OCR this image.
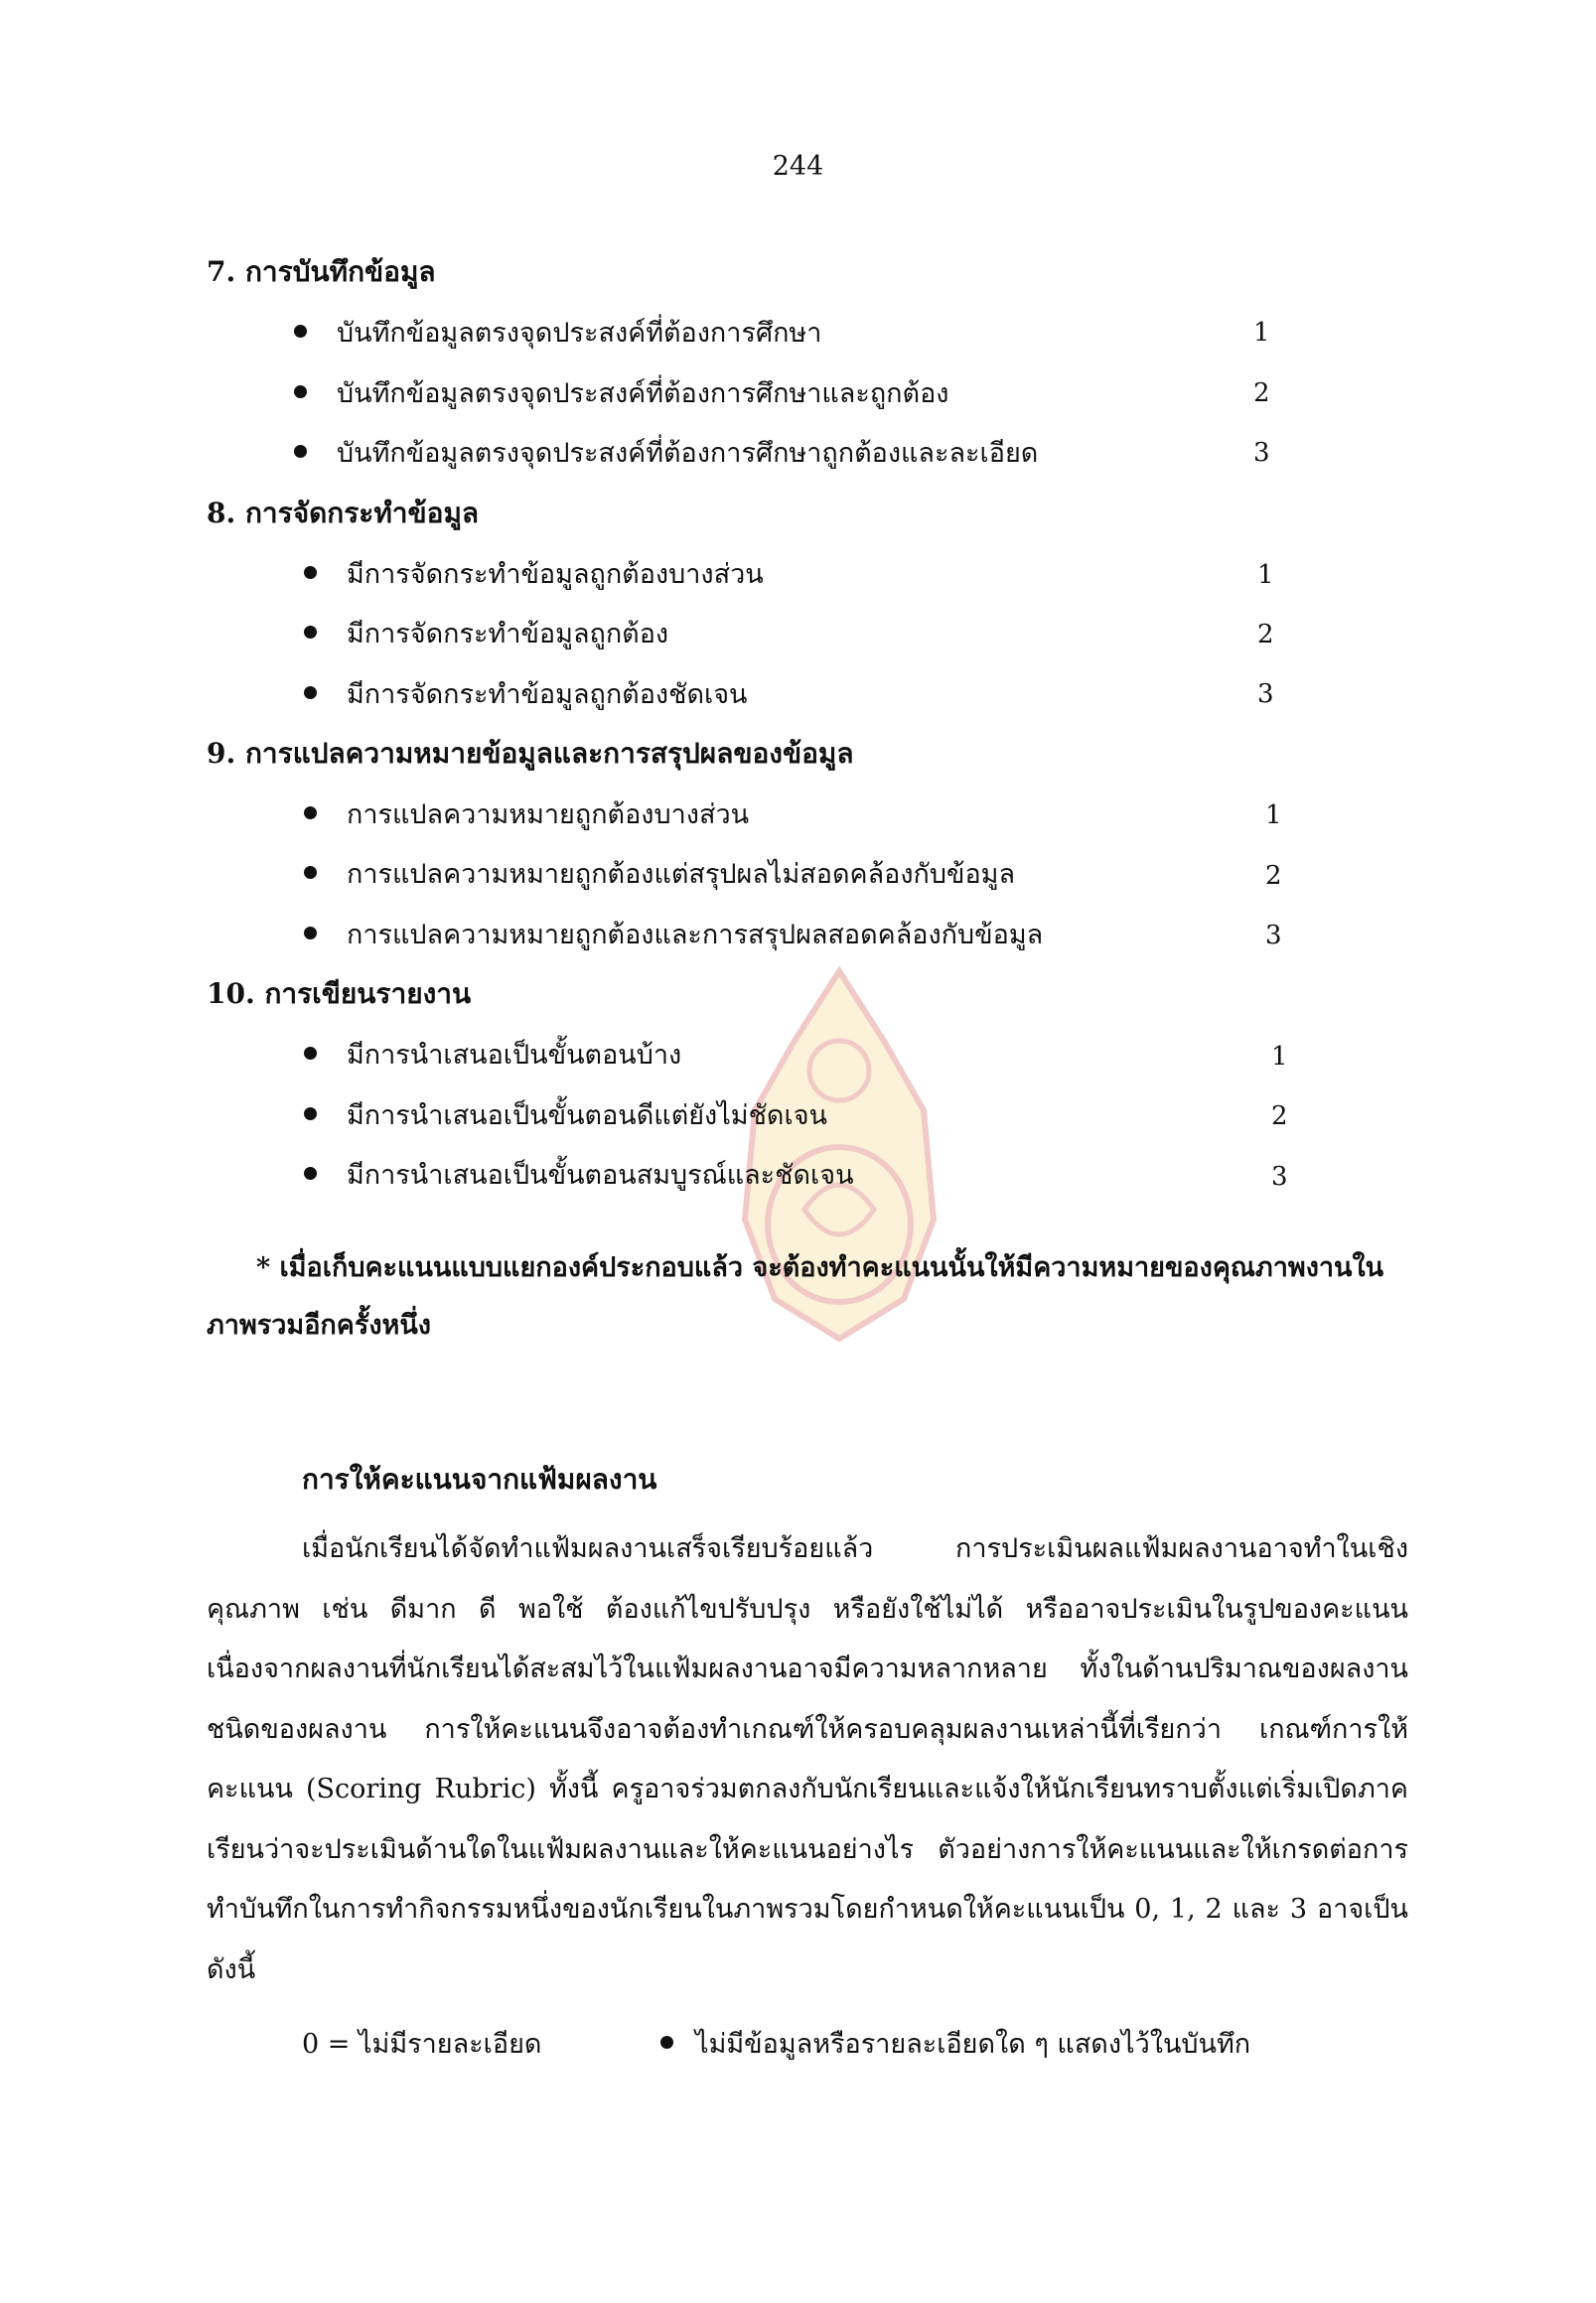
244
7. การบันทึกข้อมูล
บันทึกข้อมูลตรงจุดประสงค์ที่ต้องการศึกษา	1
บันทึกข้อมูลตรงจุดประสงค์ที่ต้องการศึกษาและถูกต้อง	2
บันทึกข้อมูลตรงจุดประสงค์ที่ต้องการศึกษาถูกต้องและละเอียด	3
8. การจัดกระทำข้อมูล
มีการจัดกระทำข้อมูลถูกต้องบางส่วน	1
มีการจัดกระทำข้อมูลถูกต้อง	2
มีการจัดกระทำข้อมูลถูกต้องชัดเจน	3
9. การแปลความหมายข้อมูลและการสรุปผลของข้อมูล
การแปลความหมายถูกต้องบางส่วน	1
การแปลความหมายถูกต้องแต่สรุปผลไม่สอดคล้องกับข้อมูล	2
การแปลความหมายถูกต้องและการสรุปผลสอดคล้องกับข้อมูล	3
10. การเขียนรายงาน
มีการนำเสนอเป็นขั้นตอนบ้าง	1
มีการนำเสนอเป็นขั้นตอนดีแต่ยังไม่ชัดเจน	2
มีการนำเสนอเป็นขั้นตอนสมบูรณ์และชัดเจน	3
* เมื่อเก็บคะแนนแบบแยกองค์ประกอบแล้ว จะต้องทำคะแนนนั้นให้มีความหมายของคุณภาพงานในภาพรวมอีกครั้งหนึ่ง
การให้คะแนนจากแฟ้มผลงาน
เมื่อนักเรียนได้จัดทำแฟ้มผลงานเสร็จเรียบร้อยแล้ว การประเมินผลแฟ้มผลงานอาจทำในเชิงคุณภาพ เช่น ดีมาก ดี พอใช้ ต้องแก้ไขปรับปรุง หรือยังใช้ไม่ได้ หรืออาจประเมินในรูปของคะแนน เนื่องจากผลงานที่นักเรียนได้สะสมไว้ในแฟ้มผลงานอาจมีความหลากหลาย ทั้งในด้านปริมาณของผลงาน ชนิดของผลงาน การให้คะแนนจึงอาจต้องทำเกณฑ์ให้ครอบคลุมผลงานเหล่านี้ที่เรียกว่า เกณฑ์การให้คะแนน (Scoring Rubric) ทั้งนี้ ครูอาจร่วมตกลงกับนักเรียนและแจ้งให้นักเรียนทราบตั้งแต่เริ่มเปิดภาคเรียนว่าจะประเมินด้านใดในแฟ้มผลงานและให้คะแนนอย่างไร ตัวอย่างการให้คะแนนและให้เกรดต่อการทำบันทึกในการทำกิจกรรมหนึ่งของนักเรียนในภาพรวมโดยกำหนดให้คะแนนเป็น 0, 1, 2 และ 3 อาจเป็นดังนี้
0 = ไม่มีรายละเอียด	ไม่มีข้อมูลหรือรายละเอียดใด ๆ แสดงไว้ในบันทึก
